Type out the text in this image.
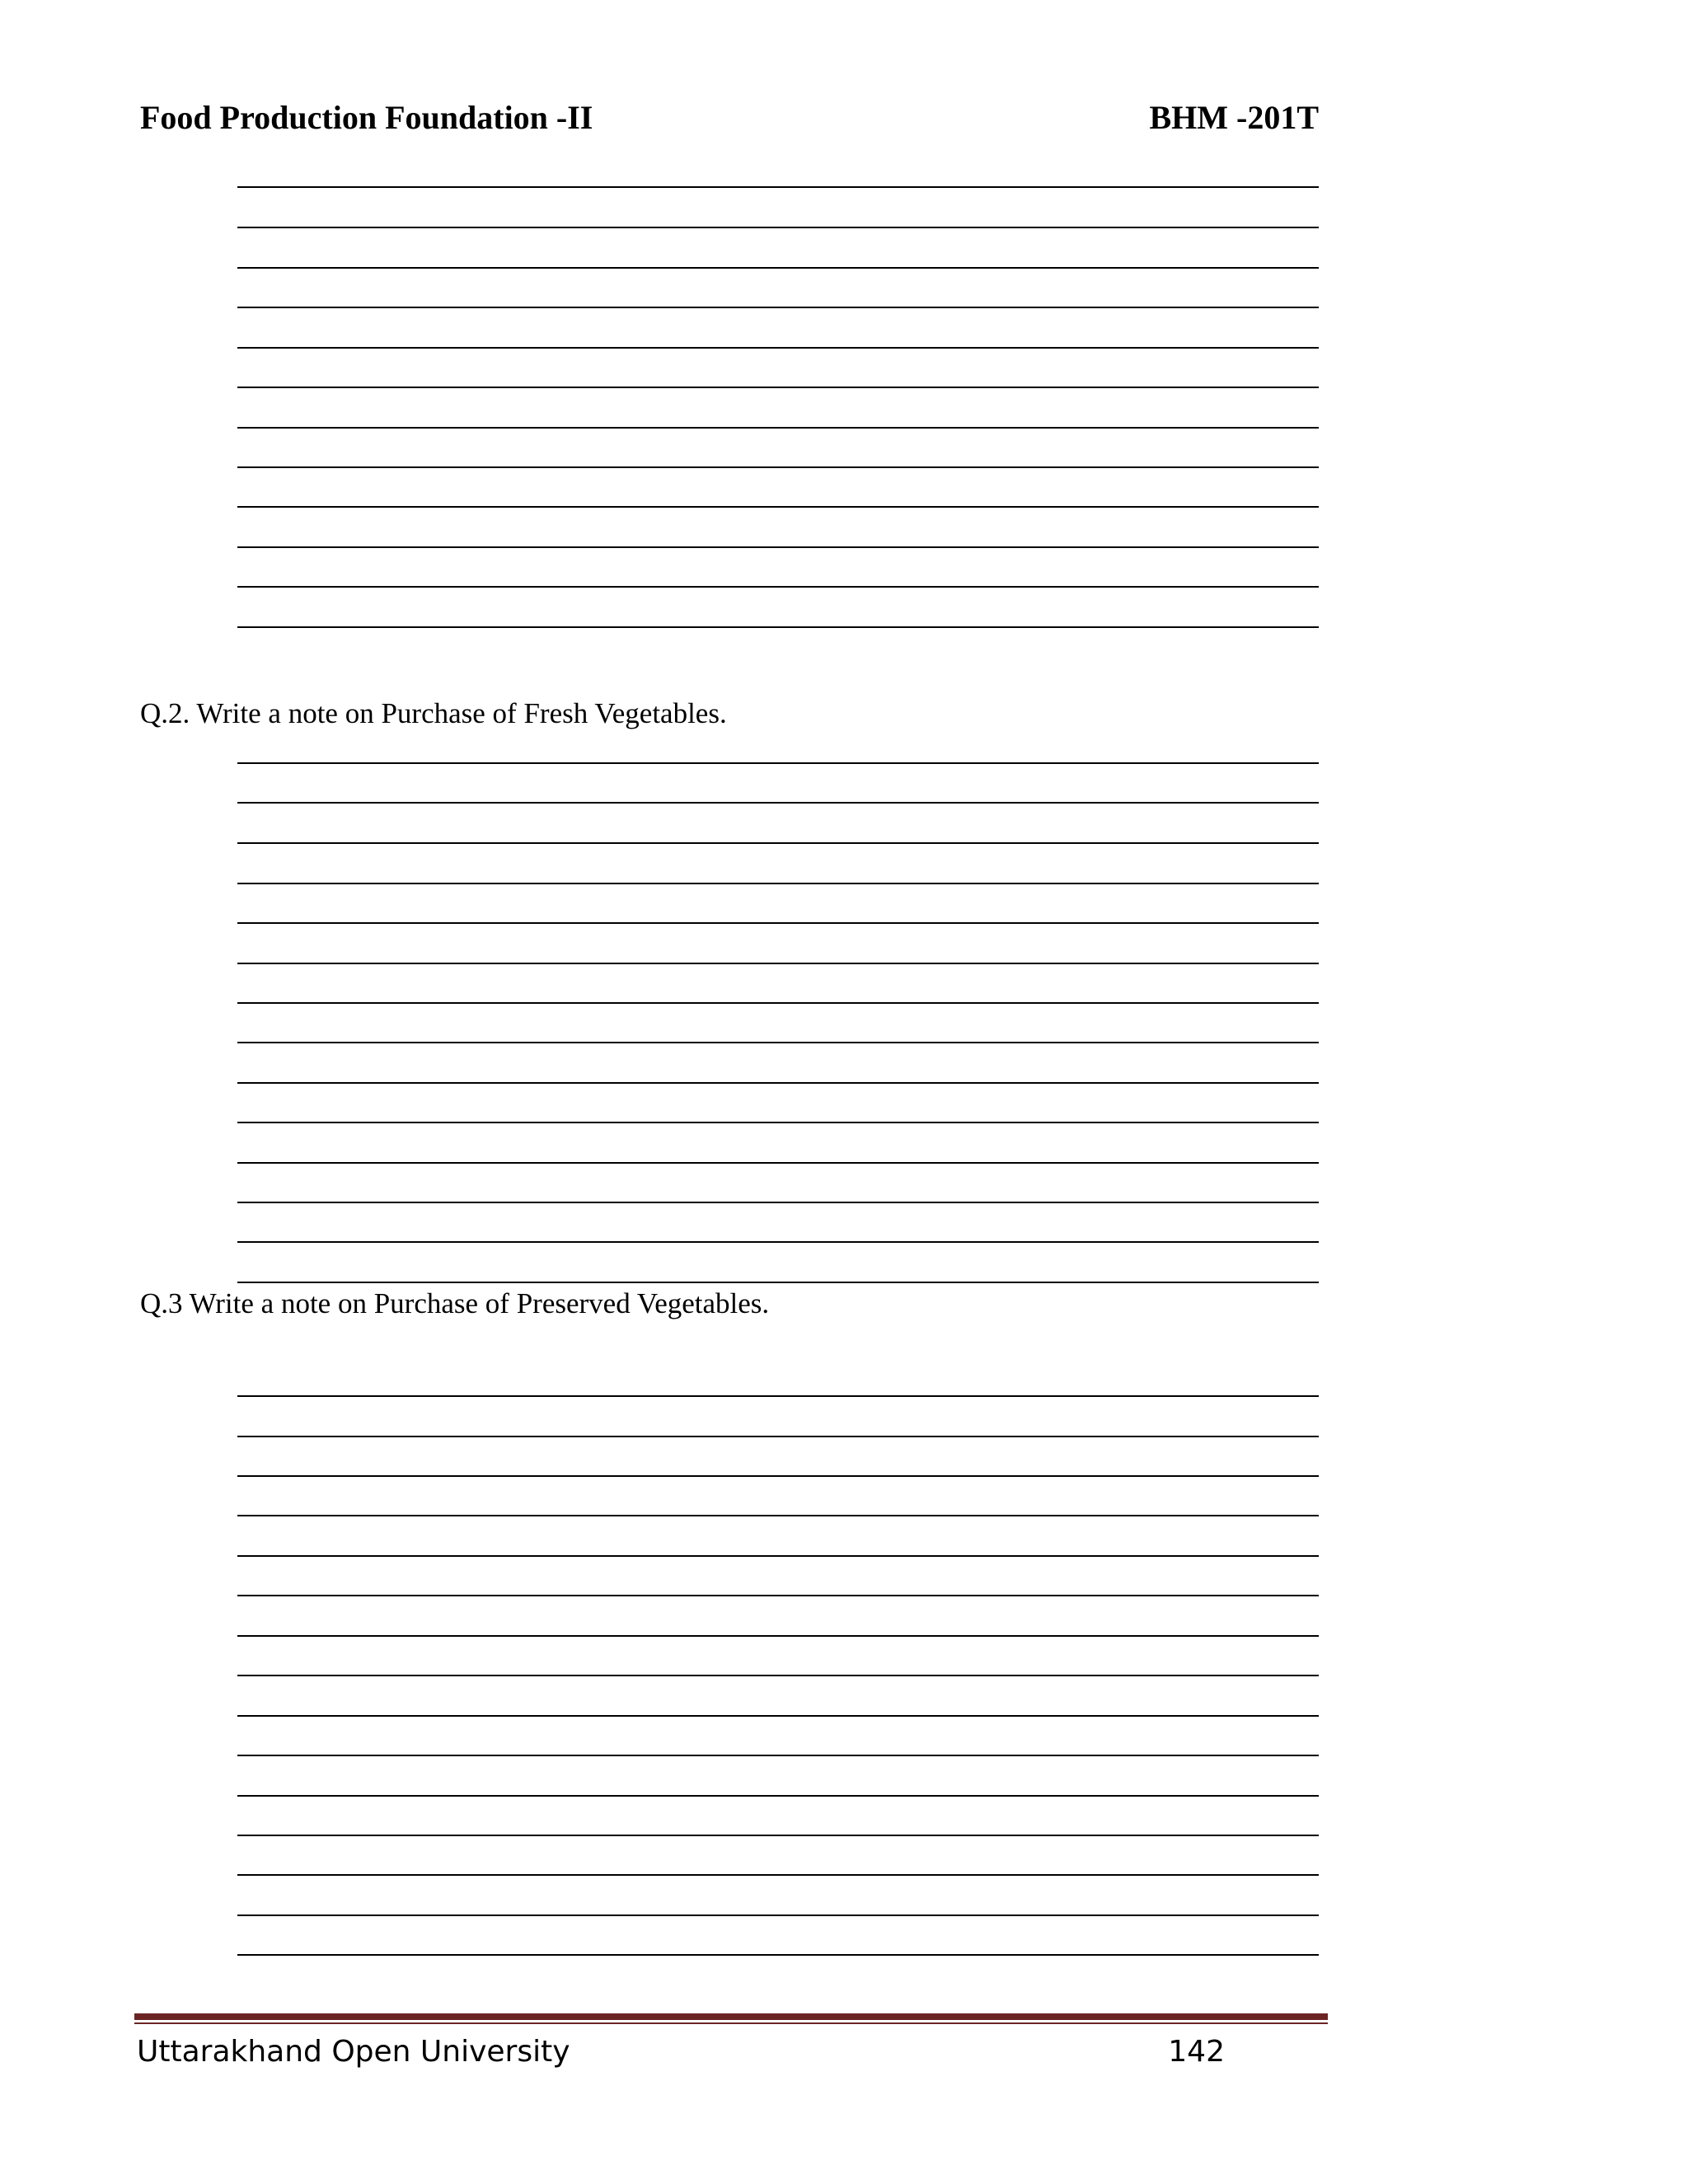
Food Production Foundation -II	BHM -201T
Q.2. Write a note on Purchase of Fresh Vegetables.
Q.3 Write a note on Purchase of Preserved Vegetables.
Uttarakhand Open University	142
